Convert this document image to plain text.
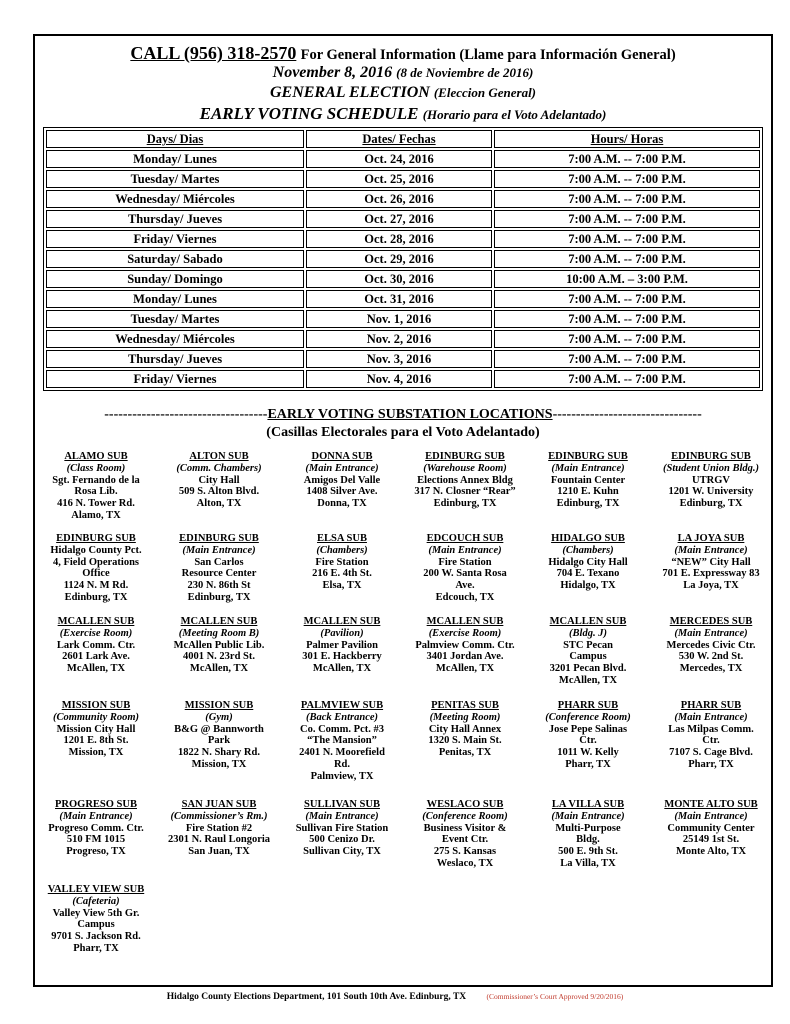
CALL (956) 318-2570 For General Information (Llame para Información General)
November 8, 2016 (8 de Noviembre de 2016)
GENERAL ELECTION (Eleccion General)
EARLY VOTING SCHEDULE (Horario para el Voto Adelantado)
Days/ Dias	Dates/ Fechas	Hours/ Horas
Monday/ Lunes	Oct. 24, 2016	7:00 A.M. -- 7:00 P.M.
Tuesday/ Martes	Oct. 25, 2016	7:00 A.M. -- 7:00 P.M.
Wednesday/ Miércoles	Oct. 26, 2016	7:00 A.M. -- 7:00 P.M.
Thursday/ Jueves	Oct. 27, 2016	7:00 A.M. -- 7:00 P.M.
Friday/ Viernes	Oct. 28, 2016	7:00 A.M. -- 7:00 P.M.
Saturday/ Sabado	Oct. 29, 2016	7:00 A.M. -- 7:00 P.M.
Sunday/ Domingo	Oct. 30, 2016	10:00 A.M. – 3:00 P.M.
Monday/ Lunes	Oct. 31, 2016	7:00 A.M. -- 7:00 P.M.
Tuesday/ Martes	Nov. 1, 2016	7:00 A.M. -- 7:00 P.M.
Wednesday/ Miércoles	Nov. 2, 2016	7:00 A.M. -- 7:00 P.M.
Thursday/ Jueves	Nov. 3, 2016	7:00 A.M. -- 7:00 P.M.
Friday/ Viernes	Nov. 4, 2016	7:00 A.M. -- 7:00 P.M.
-----------------------------------EARLY VOTING SUBSTATION LOCATIONS--------------------------------
(Casillas Electorales para el Voto Adelantado)
ALAMO SUB
(Class Room)
Sgt. Fernando de la
Rosa Lib.
416 N. Tower Rd.
Alamo, TX
ALTON SUB
(Comm. Chambers)
City Hall
509 S. Alton Blvd.
Alton, TX
DONNA SUB
(Main Entrance)
Amigos Del Valle
1408 Silver Ave.
Donna, TX
EDINBURG SUB
(Warehouse Room)
Elections Annex Bldg
317 N. Closner “Rear”
Edinburg, TX
EDINBURG SUB
(Main Entrance)
Fountain Center
1210 E. Kuhn
Edinburg, TX
EDINBURG SUB
(Student Union Bldg.)
UTRGV
1201 W. University
Edinburg, TX
EDINBURG SUB
Hidalgo County Pct.
4, Field Operations
Office
1124 N. M Rd.
Edinburg, TX
EDINBURG SUB
(Main Entrance)
San Carlos
Resource Center
230 N. 86th St
Edinburg, TX
ELSA SUB
(Chambers)
Fire Station
216 E. 4th St.
Elsa, TX
EDCOUCH SUB
(Main Entrance)
Fire Station
200 W. Santa Rosa
Ave.
Edcouch, TX
HIDALGO SUB
(Chambers)
Hidalgo City Hall
704 E. Texano
Hidalgo, TX
LA JOYA SUB
(Main Entrance)
“NEW” City Hall
701 E. Expressway 83
La Joya, TX
MCALLEN SUB
(Exercise Room)
Lark Comm. Ctr.
2601 Lark Ave.
McAllen, TX
MCALLEN SUB
(Meeting Room B)
McAllen Public Lib.
4001 N. 23rd St.
McAllen, TX
MCALLEN SUB
(Pavilion)
Palmer Pavilion
301 E. Hackberry
McAllen, TX
MCALLEN SUB
(Exercise Room)
Palmview Comm. Ctr.
3401 Jordan Ave.
McAllen, TX
MCALLEN SUB
(Bldg. J)
STC Pecan
Campus
3201 Pecan Blvd.
McAllen, TX
MERCEDES SUB
(Main Entrance)
Mercedes Civic Ctr.
530 W. 2nd St.
Mercedes, TX
MISSION SUB
(Community Room)
Mission City Hall
1201 E. 8th St.
Mission, TX
MISSION SUB
(Gym)
B&G @ Bannworth
Park
1822 N. Shary Rd.
Mission, TX
PALMVIEW SUB
(Back Entrance)
Co. Comm. Pct. #3
“The Mansion”
2401 N. Moorefield
Rd.
Palmview, TX
PENITAS SUB
(Meeting Room)
City Hall Annex
1320 S. Main St.
Penitas, TX
PHARR SUB
(Conference Room)
Jose Pepe Salinas
Ctr.
1011 W. Kelly
Pharr, TX
PHARR SUB
(Main Entrance)
Las Milpas Comm.
Ctr.
7107 S. Cage Blvd.
Pharr, TX
PROGRESO SUB
(Main Entrance)
Progreso Comm. Ctr.
510 FM 1015
Progreso, TX
SAN JUAN SUB
(Commissioner’s Rm.)
Fire Station #2
2301 N. Raul Longoria
San Juan, TX
SULLIVAN SUB
(Main Entrance)
Sullivan Fire Station
500 Cenizo Dr.
Sullivan City, TX
WESLACO SUB
(Conference Room)
Business Visitor &
Event Ctr.
275 S. Kansas
Weslaco, TX
LA VILLA SUB
(Main Entrance)
Multi-Purpose
Bldg.
500 E. 9th St.
La Villa, TX
MONTE ALTO SUB
(Main Entrance)
Community Center
25149 1st St.
Monte Alto, TX
VALLEY VIEW SUB
(Cafeteria)
Valley View 5th Gr.
Campus
9701 S. Jackson Rd.
Pharr, TX
Hidalgo County Elections Department, 101 South 10th Ave. Edinburg, TX	(Commissioner’s Court Approved 9/20/2016)
